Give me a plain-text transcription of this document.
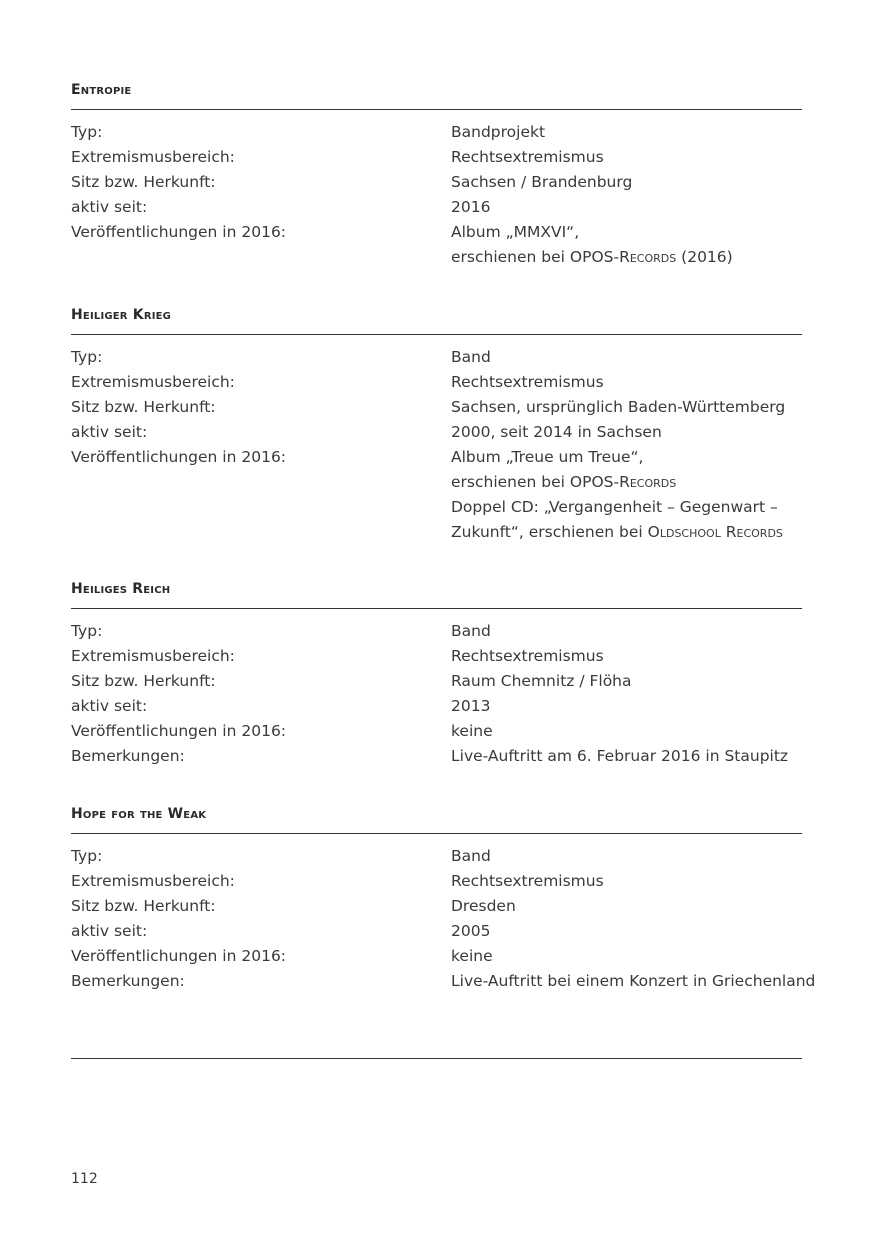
Entropie
Typ:	Bandprojekt
Extremismusbereich:	Rechtsextremismus
Sitz bzw. Herkunft:	Sachsen / Brandenburg
aktiv seit:	2016
Veröffentlichungen in 2016:	Album „MMXVI“,
erschienen bei OPOS-Records (2016)
Heiliger Krieg
Typ:	Band
Extremismusbereich:	Rechtsextremismus
Sitz bzw. Herkunft:	Sachsen, ursprünglich Baden-Württemberg
aktiv seit:	2000, seit 2014 in Sachsen
Veröffentlichungen in 2016:	Album „Treue um Treue“,
erschienen bei OPOS-Records
Doppel CD: „Vergangenheit – Gegenwart –
Zukunft“, erschienen bei Oldschool Records
Heiliges Reich
Typ:	Band
Extremismusbereich:	Rechtsextremismus
Sitz bzw. Herkunft:	Raum Chemnitz / Flöha
aktiv seit:	2013
Veröffentlichungen in 2016:	keine
Bemerkungen:	Live-Auftritt am 6. Februar 2016 in Staupitz
Hope for the Weak
Typ:	Band
Extremismusbereich:	Rechtsextremismus
Sitz bzw. Herkunft:	Dresden
aktiv seit:	2005
Veröffentlichungen in 2016:	keine
Bemerkungen:	Live-Auftritt bei einem Konzert in Griechenland
112
